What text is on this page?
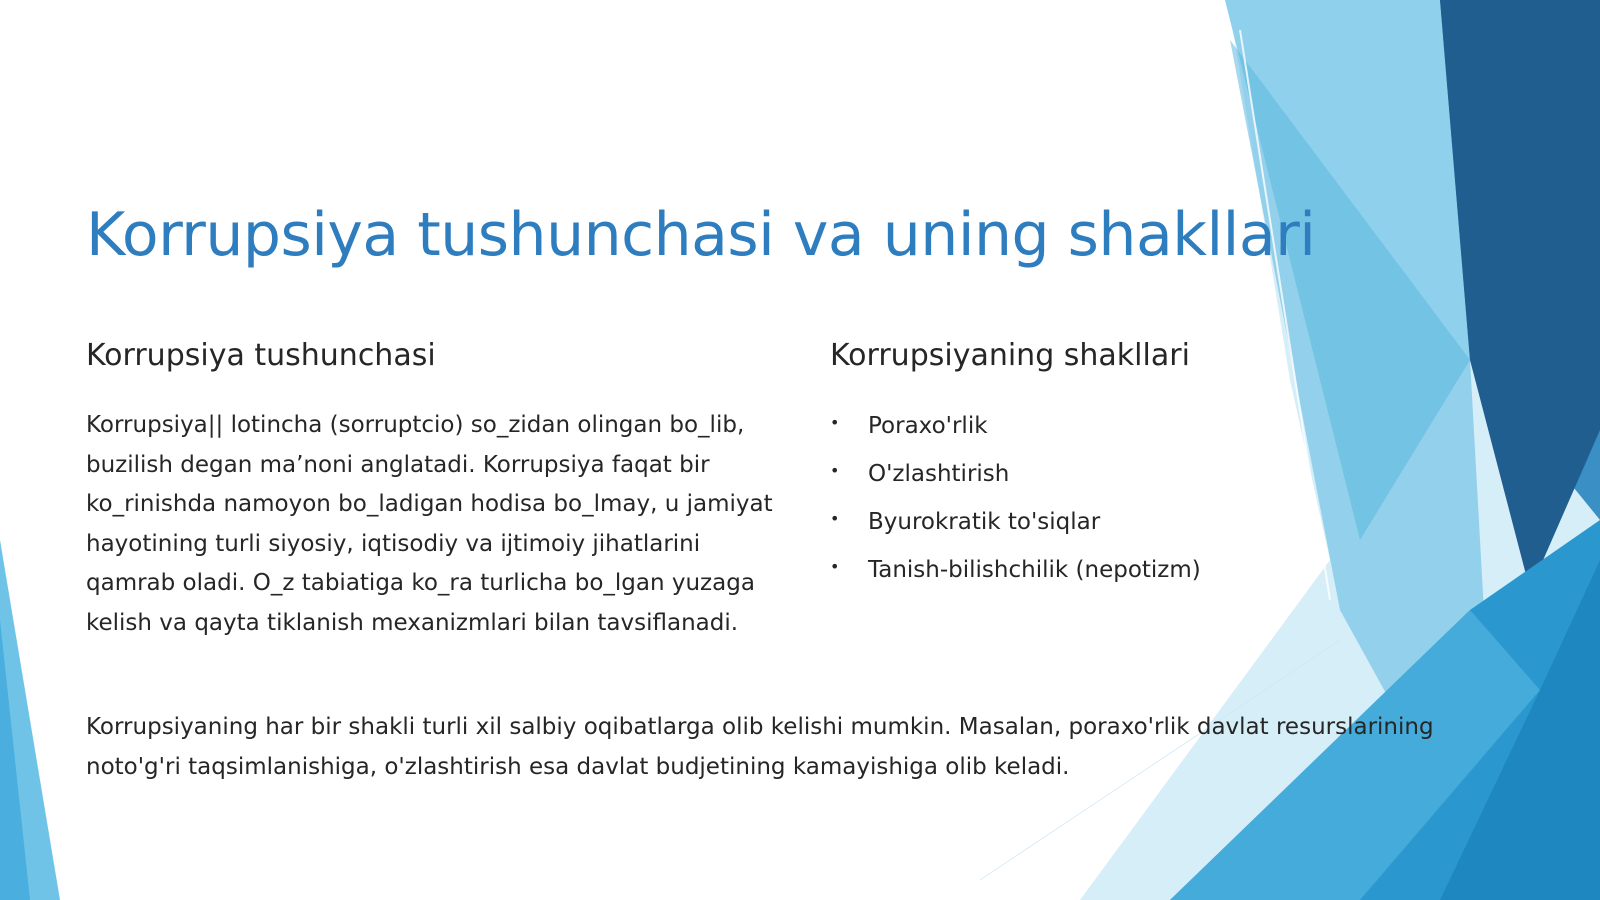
Korrupsiya tushunchasi va uning shakllari
Korrupsiya tushunchasi

Korrupsiya|| lotincha (sorruptcio) so_zidan olingan bo_lib, buzilish degan ma’noni anglatadi. Korrupsiya faqat bir ko_rinishda namoyon bo_ladigan hodisa bo_lmay, u jamiyat hayotining turli siyosiy, iqtisodiy va ijtimoiy jihatlarini qamrab oladi. O_z tabiatiga ko_ra turlicha bo_lgan yuzaga kelish va qayta tiklanish mexanizmlari bilan tavsiflanadi.

Korrupsiyaning shakllari
• Poraxo'rlik
• O'zlashtirish
• Byurokratik to'siqlar
• Tanish-bilishchilik (nepotizm)

Korrupsiyaning har bir shakli turli xil salbiy oqibatlarga olib kelishi mumkin. Masalan, poraxo'rlik davlat resurslarining noto'g'ri taqsimlanishiga, o'zlashtirish esa davlat budjetining kamayishiga olib keladi.
